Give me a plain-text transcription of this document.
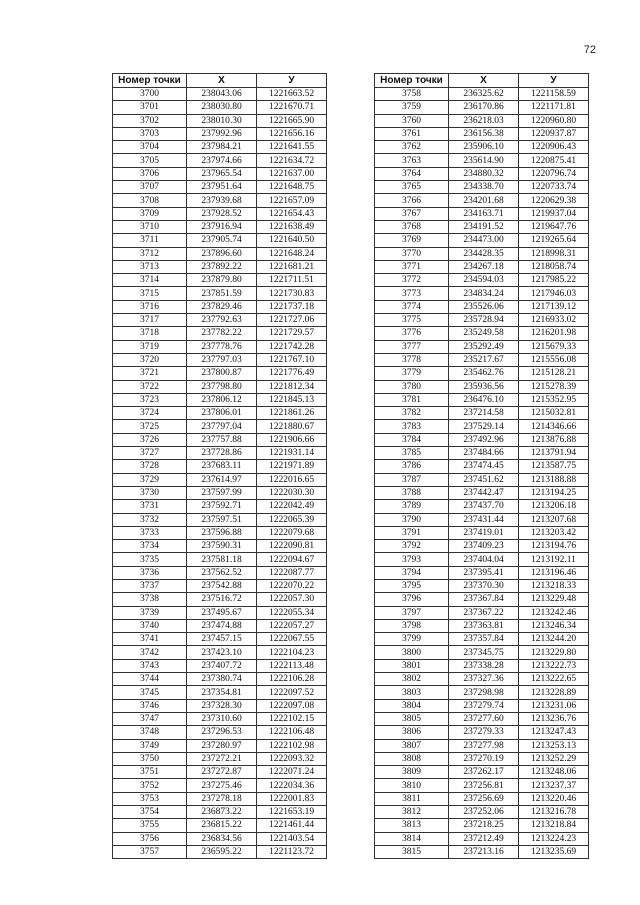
72
Номер точки	X	У
3700	238043.06	1221663.52
3701	238030.80	1221670.71
3702	238010.30	1221665.90
3703	237992.96	1221656.16
3704	237984.21	1221641.55
3705	237974.66	1221634.72
3706	237965.54	1221637.00
3707	237951.64	1221648.75
3708	237939.68	1221657.09
3709	237928.52	1221654.43
3710	237916.94	1221638.49
3711	237905.74	1221640.50
3712	237896.60	1221648.24
3713	237892.22	1221681.21
3714	237879.80	1221711.51
3715	237851.59	1221730.83
3716	237829.46	1221737.18
3717	237792.63	1221727.06
3718	237782.22	1221729.57
3719	237778.76	1221742.28
3720	237797.03	1221767.10
3721	237800.87	1221776.49
3722	237798.80	1221812.34
3723	237806.12	1221845.13
3724	237806.01	1221861.26
3725	237797.04	1221880.67
3726	237757.88	1221906.66
3727	237728.86	1221931.14
3728	237683.11	1221971.89
3729	237614.97	1222016.65
3730	237597.99	1222030.30
3731	237592.71	1222042.49
3732	237597.51	1222065.39
3733	237596.88	1222079.68
3734	237590.31	1222090.81
3735	237581.18	1222094.67
3736	237562.52	1222087.77
3737	237542.88	1222070.22
3738	237516.72	1222057.30
3739	237495.67	1222055.34
3740	237474.88	1222057.27
3741	237457.15	1222067.55
3742	237423.10	1222104.23
3743	237407.72	1222113.48
3744	237380.74	1222106.28
3745	237354.81	1222097.52
3746	237328.30	1222097.08
3747	237310.60	1222102.15
3748	237296.53	1222106.48
3749	237280.97	1222102.98
3750	237272.21	1222093.32
3751	237272.87	1222071.24
3752	237275.46	1222034.36
3753	237278.18	1222001.83
3754	236873.22	1221653.19
3755	236815.22	1221461.44
3756	236834.56	1221403.54
3757	236595.22	1221123.72
Номер точки	X	У
3758	236325.62	1221158.59
3759	236170.86	1221171.81
3760	236218.03	1220960.80
3761	236156.38	1220937.87
3762	235906.10	1220906.43
3763	235614.90	1220875.41
3764	234880.32	1220796.74
3765	234338.70	1220733.74
3766	234201.68	1220629.38
3767	234163.71	1219937.04
3768	234191.52	1219647.76
3769	234473.00	1219265.64
3770	234428.35	1218998.31
3771	234267.18	1218058.74
3772	234594.03	1217985.22
3773	234834.24	1217946.03
3774	235526.06	1217139.12
3775	235728.94	1216933.02
3776	235249.58	1216201.98
3777	235292.49	1215679.33
3778	235217.67	1215556.08
3779	235462.76	1215128.21
3780	235936.56	1215278.39
3781	236476.10	1215352.95
3782	237214.58	1215032.81
3783	237529.14	1214346.66
3784	237492.96	1213876.88
3785	237484.66	1213791.94
3786	237474.45	1213587.75
3787	237451.62	1213188.88
3788	237442.47	1213194.25
3789	237437.70	1213206.18
3790	237431.44	1213207.68
3791	237419.01	1213203.42
3792	237409.23	1213194.76
3793	237404.04	1213192.11
3794	237395.41	1213196.46
3795	237370.30	1213218.33
3796	237367.84	1213229.48
3797	237367.22	1213242.46
3798	237363.81	1213246.34
3799	237357.84	1213244.20
3800	237345.75	1213229.80
3801	237338.28	1213222.73
3802	237327.36	1213222.65
3803	237298.98	1213228.89
3804	237279.74	1213231.06
3805	237277.60	1213236.76
3806	237279.33	1213247.43
3807	237277.98	1213253.13
3808	237270.19	1213252.29
3809	237262.17	1213248.06
3810	237256.81	1213237.37
3811	237256.69	1213220.46
3812	237252.06	1213216.78
3813	237218.25	1213218.84
3814	237212.49	1213224.23
3815	237213.16	1213235.69
